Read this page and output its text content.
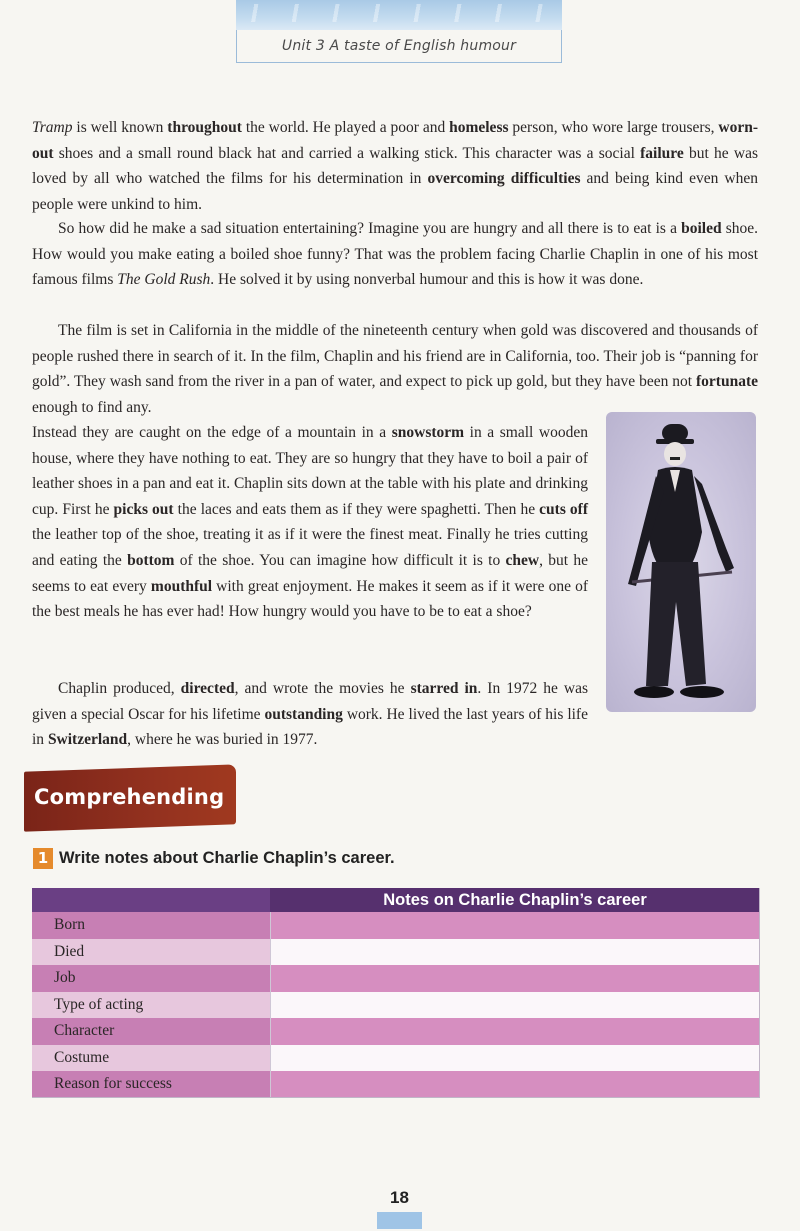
Unit 3 A taste of English humour

Tramp is well known throughout the world. He played a poor and homeless person, who wore large trousers, worn-out shoes and a small round black hat and carried a walking stick. This character was a social failure but he was loved by all who watched the films for his determination in overcoming difficulties and being kind even when people were unkind to him.

So how did he make a sad situation entertaining? Imagine you are hungry and all there is to eat is a boiled shoe. How would you make eating a boiled shoe funny? That was the problem facing Charlie Chaplin in one of his most famous films The Gold Rush. He solved it by using nonverbal humour and this is how it was done.

The film is set in California in the middle of the nineteenth century when gold was discovered and thousands of people rushed there in search of it. In the film, Chaplin and his friend are in California, too. Their job is “panning for gold”. They wash sand from the river in a pan of water, and expect to pick up gold, but they have been not fortunate enough to find any.

Instead they are caught on the edge of a mountain in a snowstorm in a small wooden house, where they have nothing to eat. They are so hungry that they have to boil a pair of leather shoes in a pan and eat it. Chaplin sits down at the table with his plate and drinking cup. First he picks out the laces and eats them as if they were spaghetti. Then he cuts off the leather top of the shoe, treating it as if it were the finest meat. Finally he tries cutting and eating the bottom of the shoe. You can imagine how difficult it is to chew, but he seems to eat every mouthful with great enjoyment. He makes it seem as if it were one of the best meals he has ever had! How hungry would you have to be to eat a shoe?

Chaplin produced, directed, and wrote the movies he starred in. In 1972 he was given a special Oscar for his lifetime outstanding work. He lived the last years of his life in Switzerland, where he was buried in 1977.

Comprehending
1 Write notes about Charlie Chaplin’s career.
Notes on Charlie Chaplin’s career
Born
Died
Job
Type of acting
Character
Costume
Reason for success
18
